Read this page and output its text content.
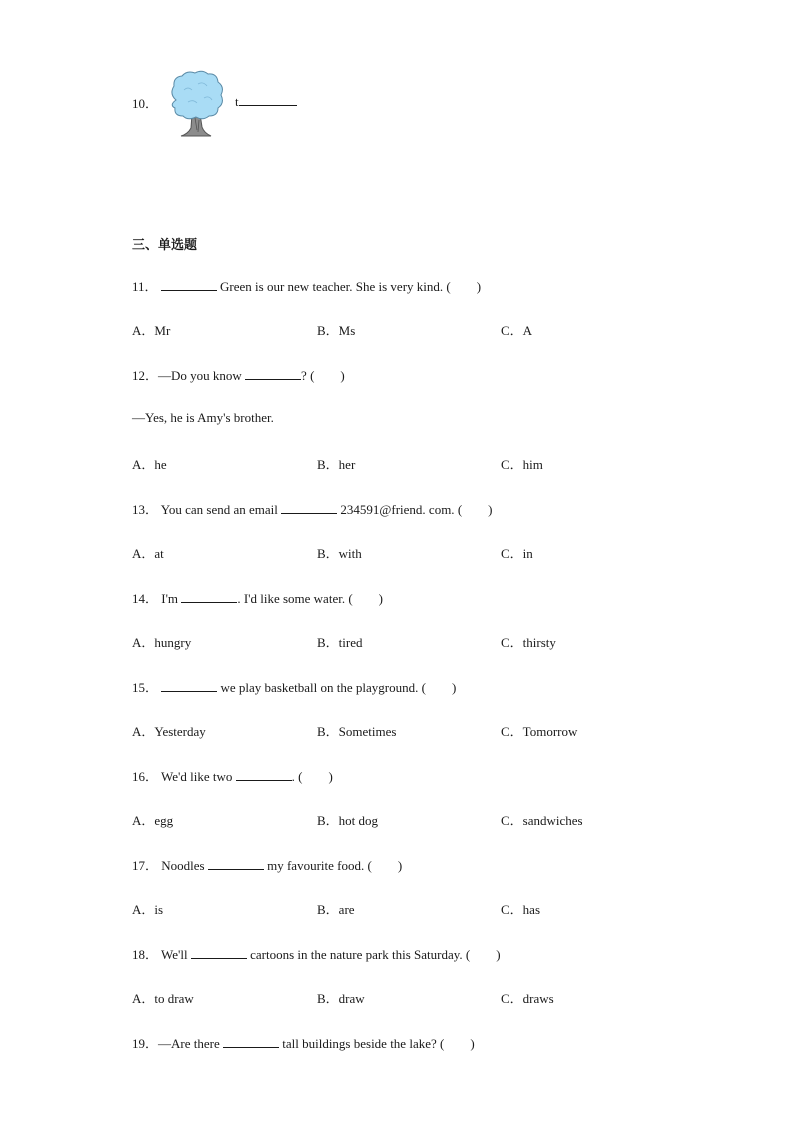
10．	t
三、单选题
11．	Green is our new teacher. She is very kind. (　　)
A．Mr	B．Ms	C．A
12．—Do you know	? (　　)
—Yes, he is Amy's brother.
A．he	B．her	C．him
13． You can send an email	234591@friend. com. (　　)
A．at	B．with	C．in
14． I'm	. I'd like some water. (　　)
A．hungry	B．tired	C．thirsty
15．	we play basketball on the playground. (　　)
A．Yesterday	B．Sometimes	C．Tomorrow
16． We'd like two	. (　　)
A．egg	B．hot dog	C．sandwiches
17． Noodles	my favourite food. (　　)
A．is	B．are	C．has
18． We'll	cartoons in the nature park this Saturday. (　　)
A．to draw	B．draw	C．draws
19．—Are there	tall buildings beside the lake? (　　)
